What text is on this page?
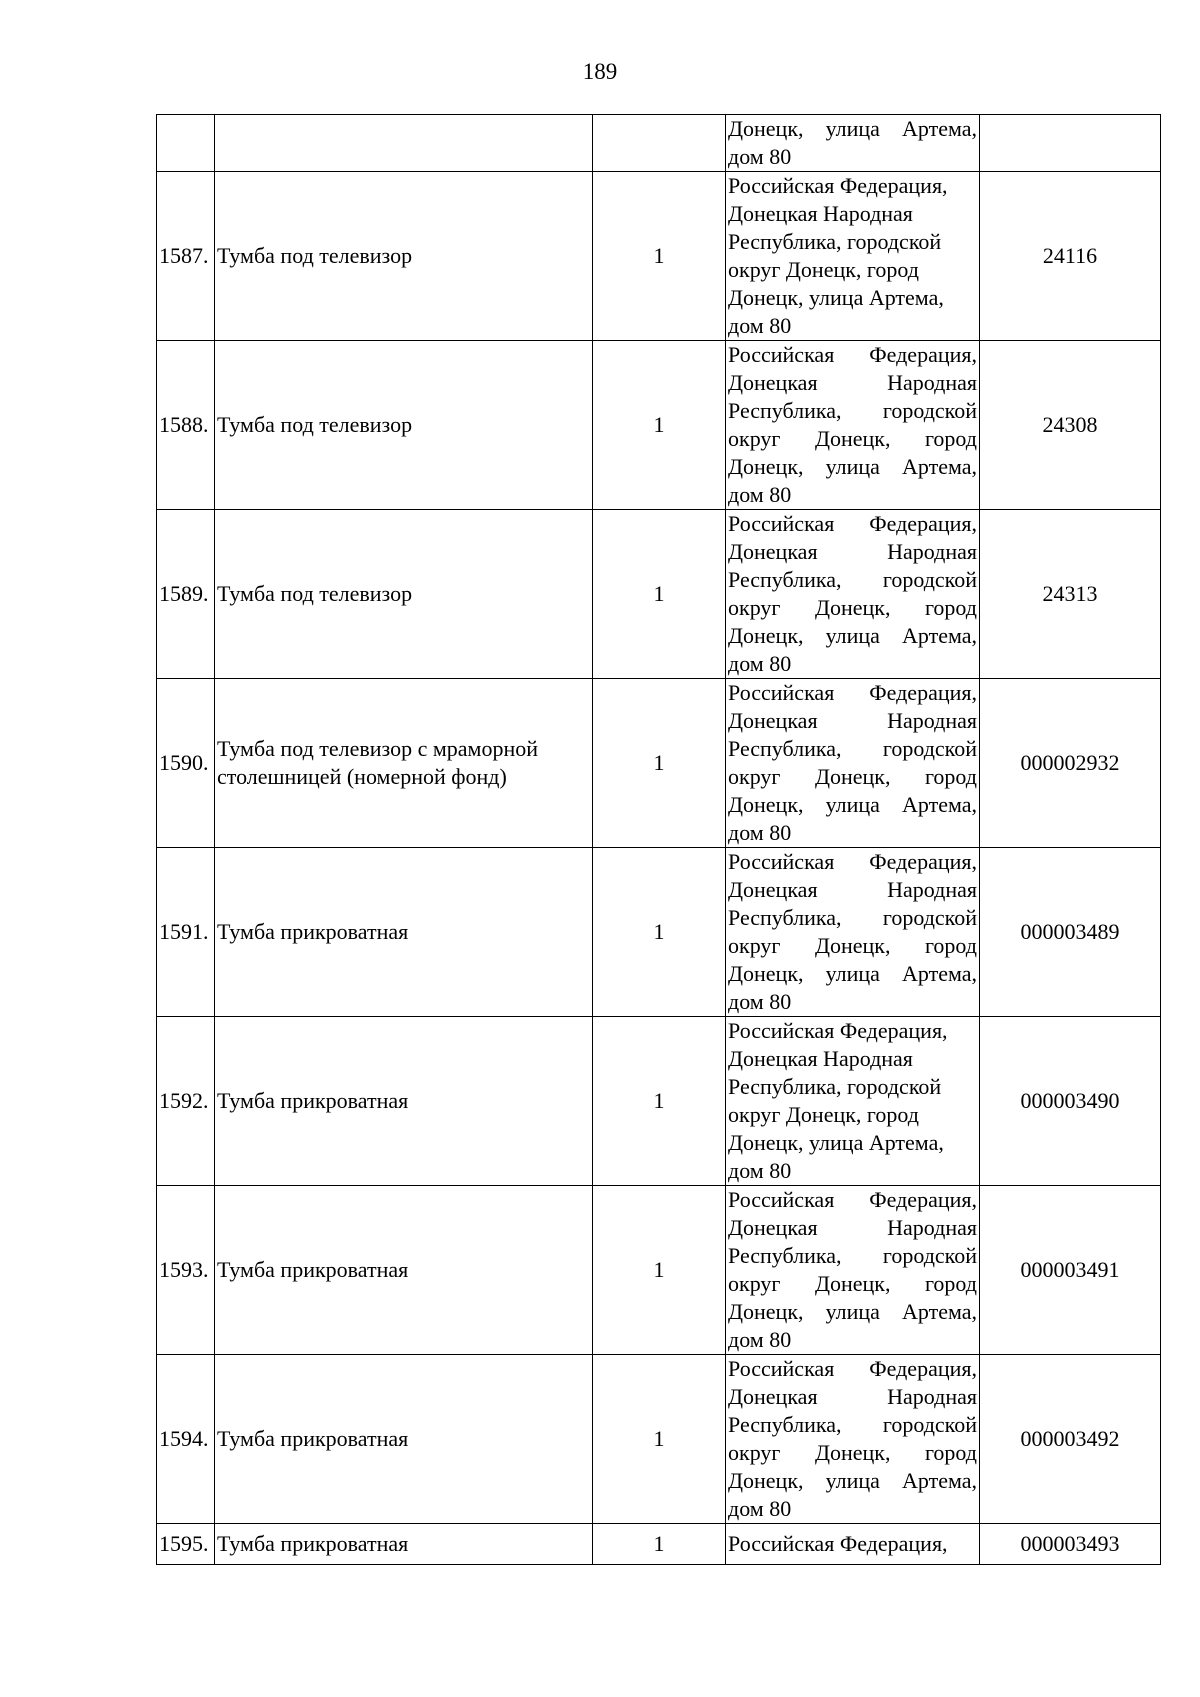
189
			Донецк, улица Артема, дом 80	
1587.	Тумба под телевизор	1	Российская Федерация, Донецкая Народная Республика, городской округ Донецк, город Донецк, улица Артема, дом 80	24116
1588.	Тумба под телевизор	1	Российская Федерация, Донецкая Народная Республика, городской округ Донецк, город Донецк, улица Артема, дом 80	24308
1589.	Тумба под телевизор	1	Российская Федерация, Донецкая Народная Республика, городской округ Донецк, город Донецк, улица Артема, дом 80	24313
1590.	Тумба под телевизор с мраморной столешницей (номерной фонд)	1	Российская Федерация, Донецкая Народная Республика, городской округ Донецк, город Донецк, улица Артема, дом 80	000002932
1591.	Тумба прикроватная	1	Российская Федерация, Донецкая Народная Республика, городской округ Донецк, город Донецк, улица Артема, дом 80	000003489
1592.	Тумба прикроватная	1	Российская Федерация, Донецкая Народная Республика, городской округ Донецк, город Донецк, улица Артема, дом 80	000003490
1593.	Тумба прикроватная	1	Российская Федерация, Донецкая Народная Республика, городской округ Донецк, город Донецк, улица Артема, дом 80	000003491
1594.	Тумба прикроватная	1	Российская Федерация, Донецкая Народная Республика, городской округ Донецк, город Донецк, улица Артема, дом 80	000003492
1595.	Тумба прикроватная	1	Российская Федерация,	000003493
